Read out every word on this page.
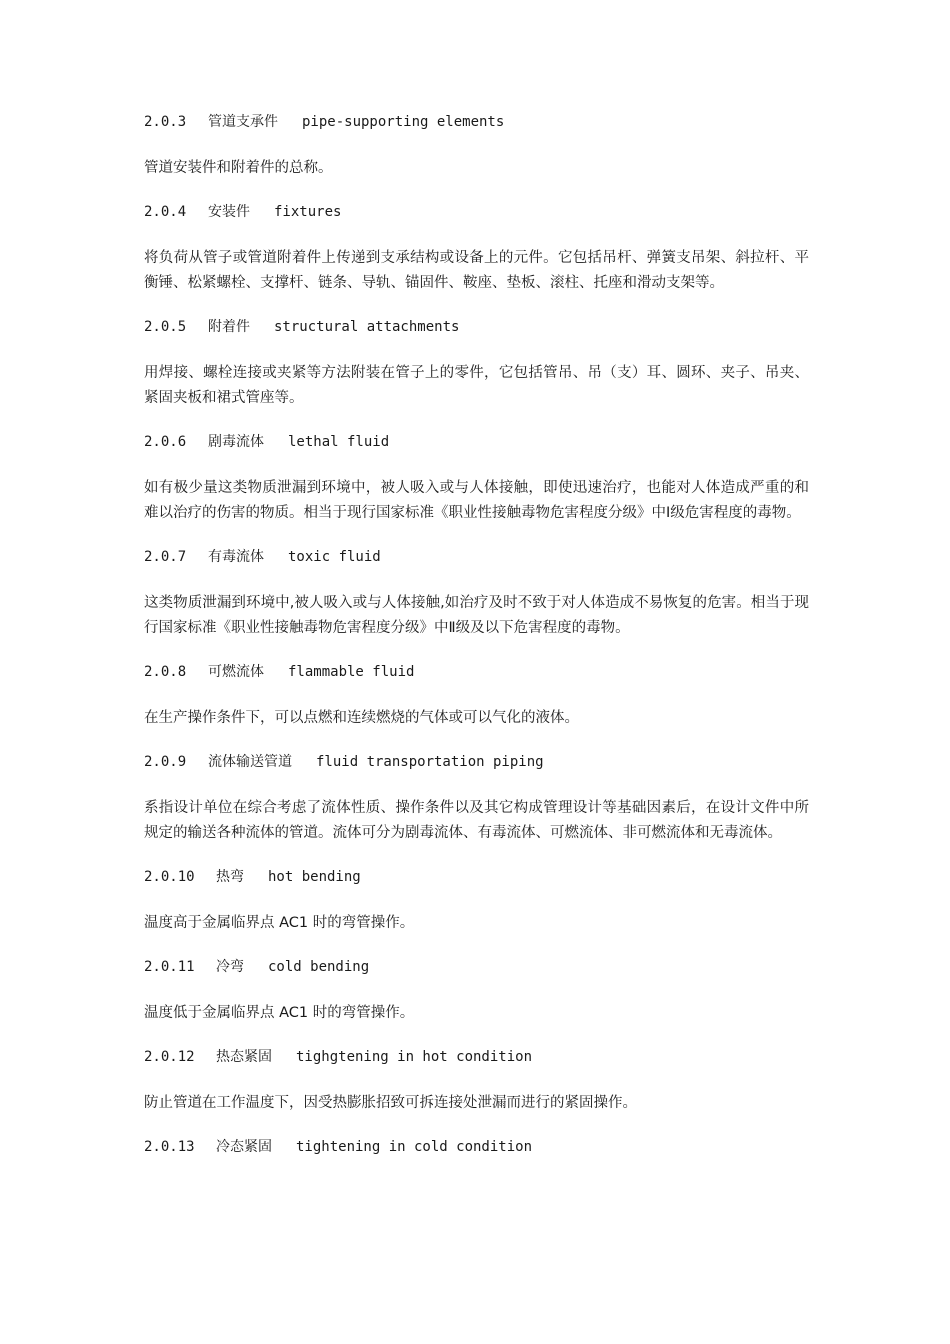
2.0.3 管道支承件 pipe-supporting elements

管道安装件和附着件的总称。

2.0.4 安装件 fixtures

将负荷从管子或管道附着件上传递到支承结构或设备上的元件。它包括吊杆、弹簧支吊架、斜拉杆、平衡锤、松紧螺栓、支撑杆、链条、导轨、锚固件、鞍座、垫板、滚柱、托座和滑动支架等。

2.0.5 附着件 structural attachments

用焊接、螺栓连接或夹紧等方法附装在管子上的零件，它包括管吊、吊（支）耳、圆环、夹子、吊夹、紧固夹板和裙式管座等。

2.0.6 剧毒流体 lethal fluid

如有极少量这类物质泄漏到环境中，被人吸入或与人体接触，即使迅速治疗，也能对人体造成严重的和难以治疗的伤害的物质。相当于现行国家标准《职业性接触毒物危害程度分级》中Ⅰ级危害程度的毒物。

2.0.7 有毒流体 toxic fluid

这类物质泄漏到环境中,被人吸入或与人体接触,如治疗及时不致于对人体造成不易恢复的危害。相当于现行国家标准《职业性接触毒物危害程度分级》中Ⅱ级及以下危害程度的毒物。

2.0.8 可燃流体 flammable fluid

在生产操作条件下，可以点燃和连续燃烧的气体或可以气化的液体。

2.0.9 流体输送管道 fluid transportation piping

系指设计单位在综合考虑了流体性质、操作条件以及其它构成管理设计等基础因素后，在设计文件中所规定的输送各种流体的管道。流体可分为剧毒流体、有毒流体、可燃流体、非可燃流体和无毒流体。

2.0.10 热弯 hot bending

温度高于金属临界点 AC1 时的弯管操作。

2.0.11 冷弯 cold bending

温度低于金属临界点 AC1 时的弯管操作。

2.0.12 热态紧固 tighgtening in hot condition

防止管道在工作温度下，因受热膨胀招致可拆连接处泄漏而进行的紧固操作。

2.0.13 冷态紧固 tightening in cold condition
